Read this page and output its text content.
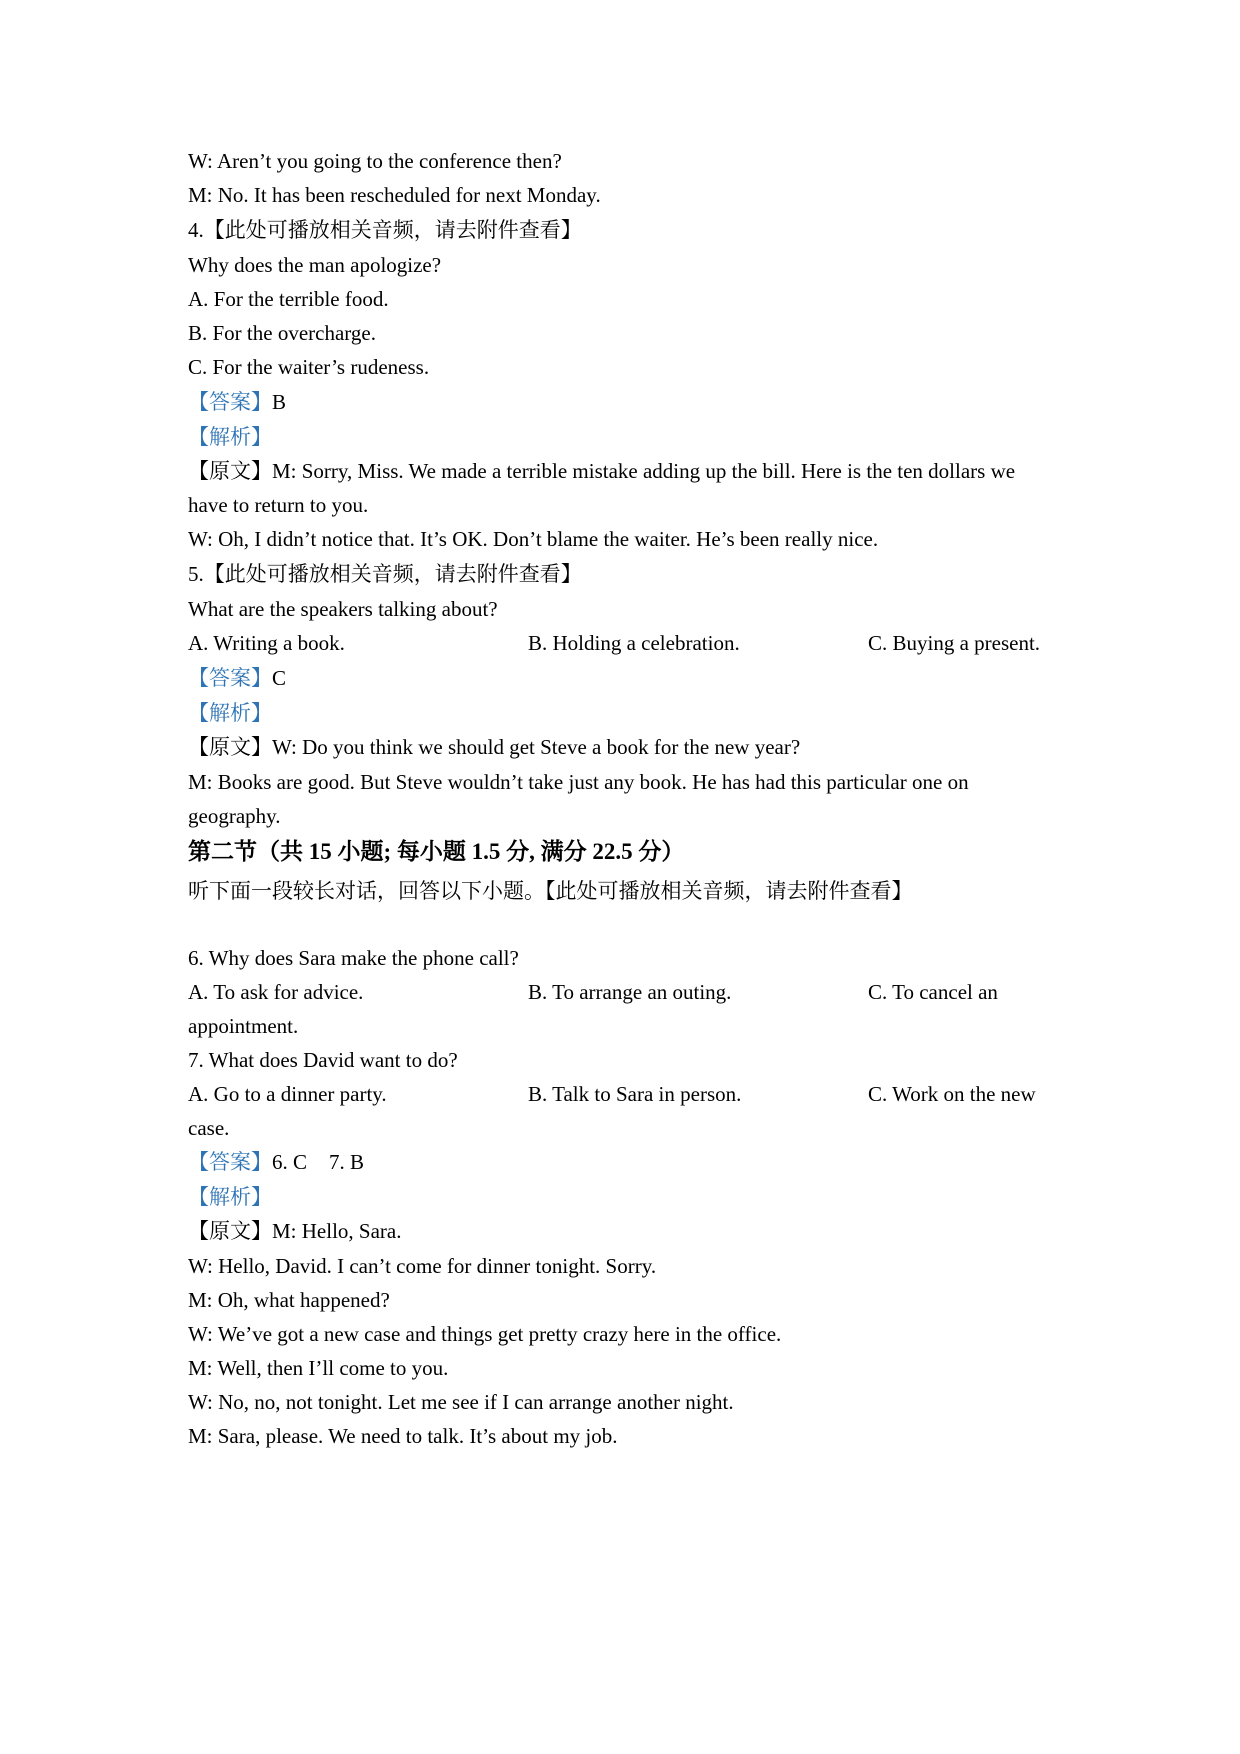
W: Aren’t you going to the conference then?
M: No. It has been rescheduled for next Monday.
4.【此处可播放相关音频，请去附件查看】
Why does the man apologize?
A. For the terrible food.
B. For the overcharge.
C. For the waiter’s rudeness.
【答案】B
【解析】
【原文】M: Sorry, Miss. We made a terrible mistake adding up the bill. Here is the ten dollars we
have to return to you.
W: Oh, I didn’t notice that. It’s OK. Don’t blame the waiter. He’s been really nice.
5.【此处可播放相关音频，请去附件查看】
What are the speakers talking about?
A. Writing a book.	B. Holding a celebration.	C. Buying a present.
【答案】C
【解析】
【原文】W: Do you think we should get Steve a book for the new year?
M: Books are good. But Steve wouldn’t take just any book. He has had this particular one on
geography.
第二节（共 15 小题; 每小题 1.5 分, 满分 22.5 分）
听下面一段较长对话，回答以下小题。【此处可播放相关音频，请去附件查看】
6. Why does Sara make the phone call?
A. To ask for advice.	B. To arrange an outing.	C. To cancel an
appointment.
7. What does David want to do?
A. Go to a dinner party.	B. Talk to Sara in person.	C. Work on the new
case.
【答案】6. C 7. B
【解析】
【原文】M: Hello, Sara.
W: Hello, David. I can’t come for dinner tonight. Sorry.
M: Oh, what happened?
W: We’ve got a new case and things get pretty crazy here in the office.
M: Well, then I’ll come to you.
W: No, no, not tonight. Let me see if I can arrange another night.
M: Sara, please. We need to talk. It’s about my job.
